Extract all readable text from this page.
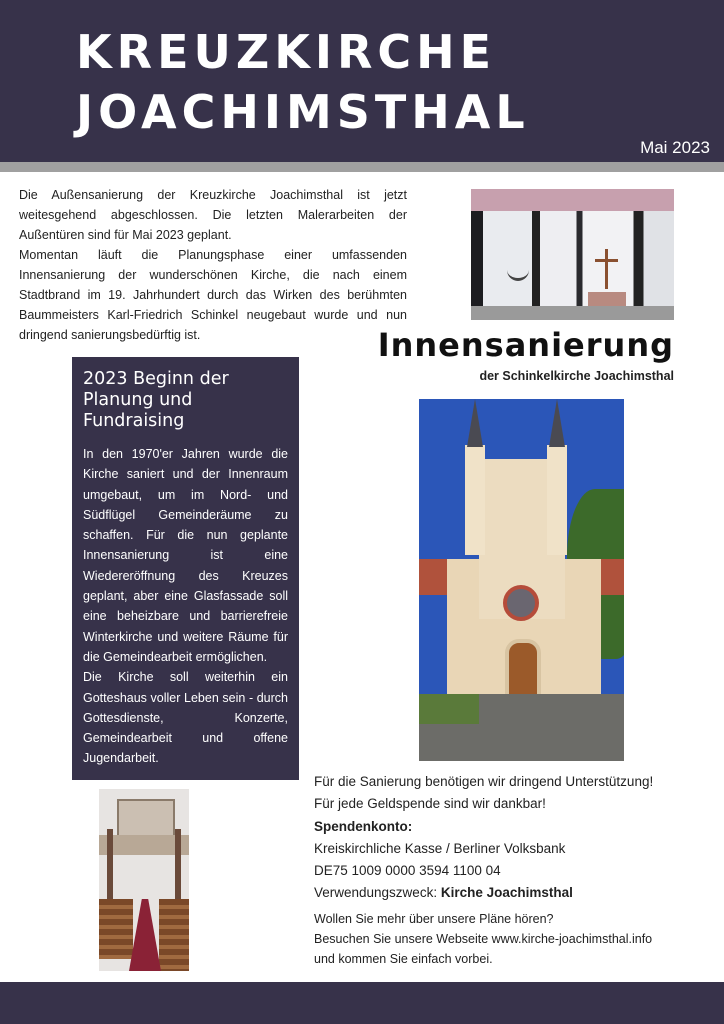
KREUZKIRCHE
JOACHIMSTHAL
Mai 2023

Die Außensanierung der Kreuzkirche Joachimsthal ist jetzt weitesgehend abgeschlossen. Die letzten Malerarbeiten der Außentüren sind für Mai 2023 geplant.

Momentan läuft die Planungsphase einer umfassenden Innensanierung der wunderschönen Kirche, die nach einem Stadtbrand im 19. Jahrhundert durch das Wirken des berühmten Baummeisters Karl-Friedrich Schinkel neugebaut wurde und nun dringend sanierungsbedürftig ist.	Innensanierung
der Schinkelkirche Joachimsthal
2023 Beginn der Planung und Fundraising

In den 1970'er Jahren wurde die Kirche saniert und der Innenraum umgebaut, um im Nord- und Südflügel Gemeinderäume zu schaffen. Für die nun geplante Innensanierung ist eine Wiedereröffnung des Kreuzes geplant, aber eine Glasfassade soll eine beheizbare und barrierefreie Winterkirche und weitere Räume für die Gemeindearbeit ermöglichen.

Die Kirche soll weiterhin ein Gotteshaus voller Leben sein - durch Gottesdienste, Konzerte, Gemeindearbeit und offene Jugendarbeit.

Für die Sanierung benötigen wir dringend Unterstützung!

Für jede Geldspende sind wir dankbar!

Spendenkonto:

Kreiskirchliche Kasse / Berliner Volksbank

DE75 1009 0000 3594 1100 04

Verwendungszweck: Kirche Joachimsthal

Wollen Sie mehr über unsere Pläne hören?

Besuchen Sie unsere Webseite www.kirche-joachimsthal.info

und kommen Sie einfach vorbei.
